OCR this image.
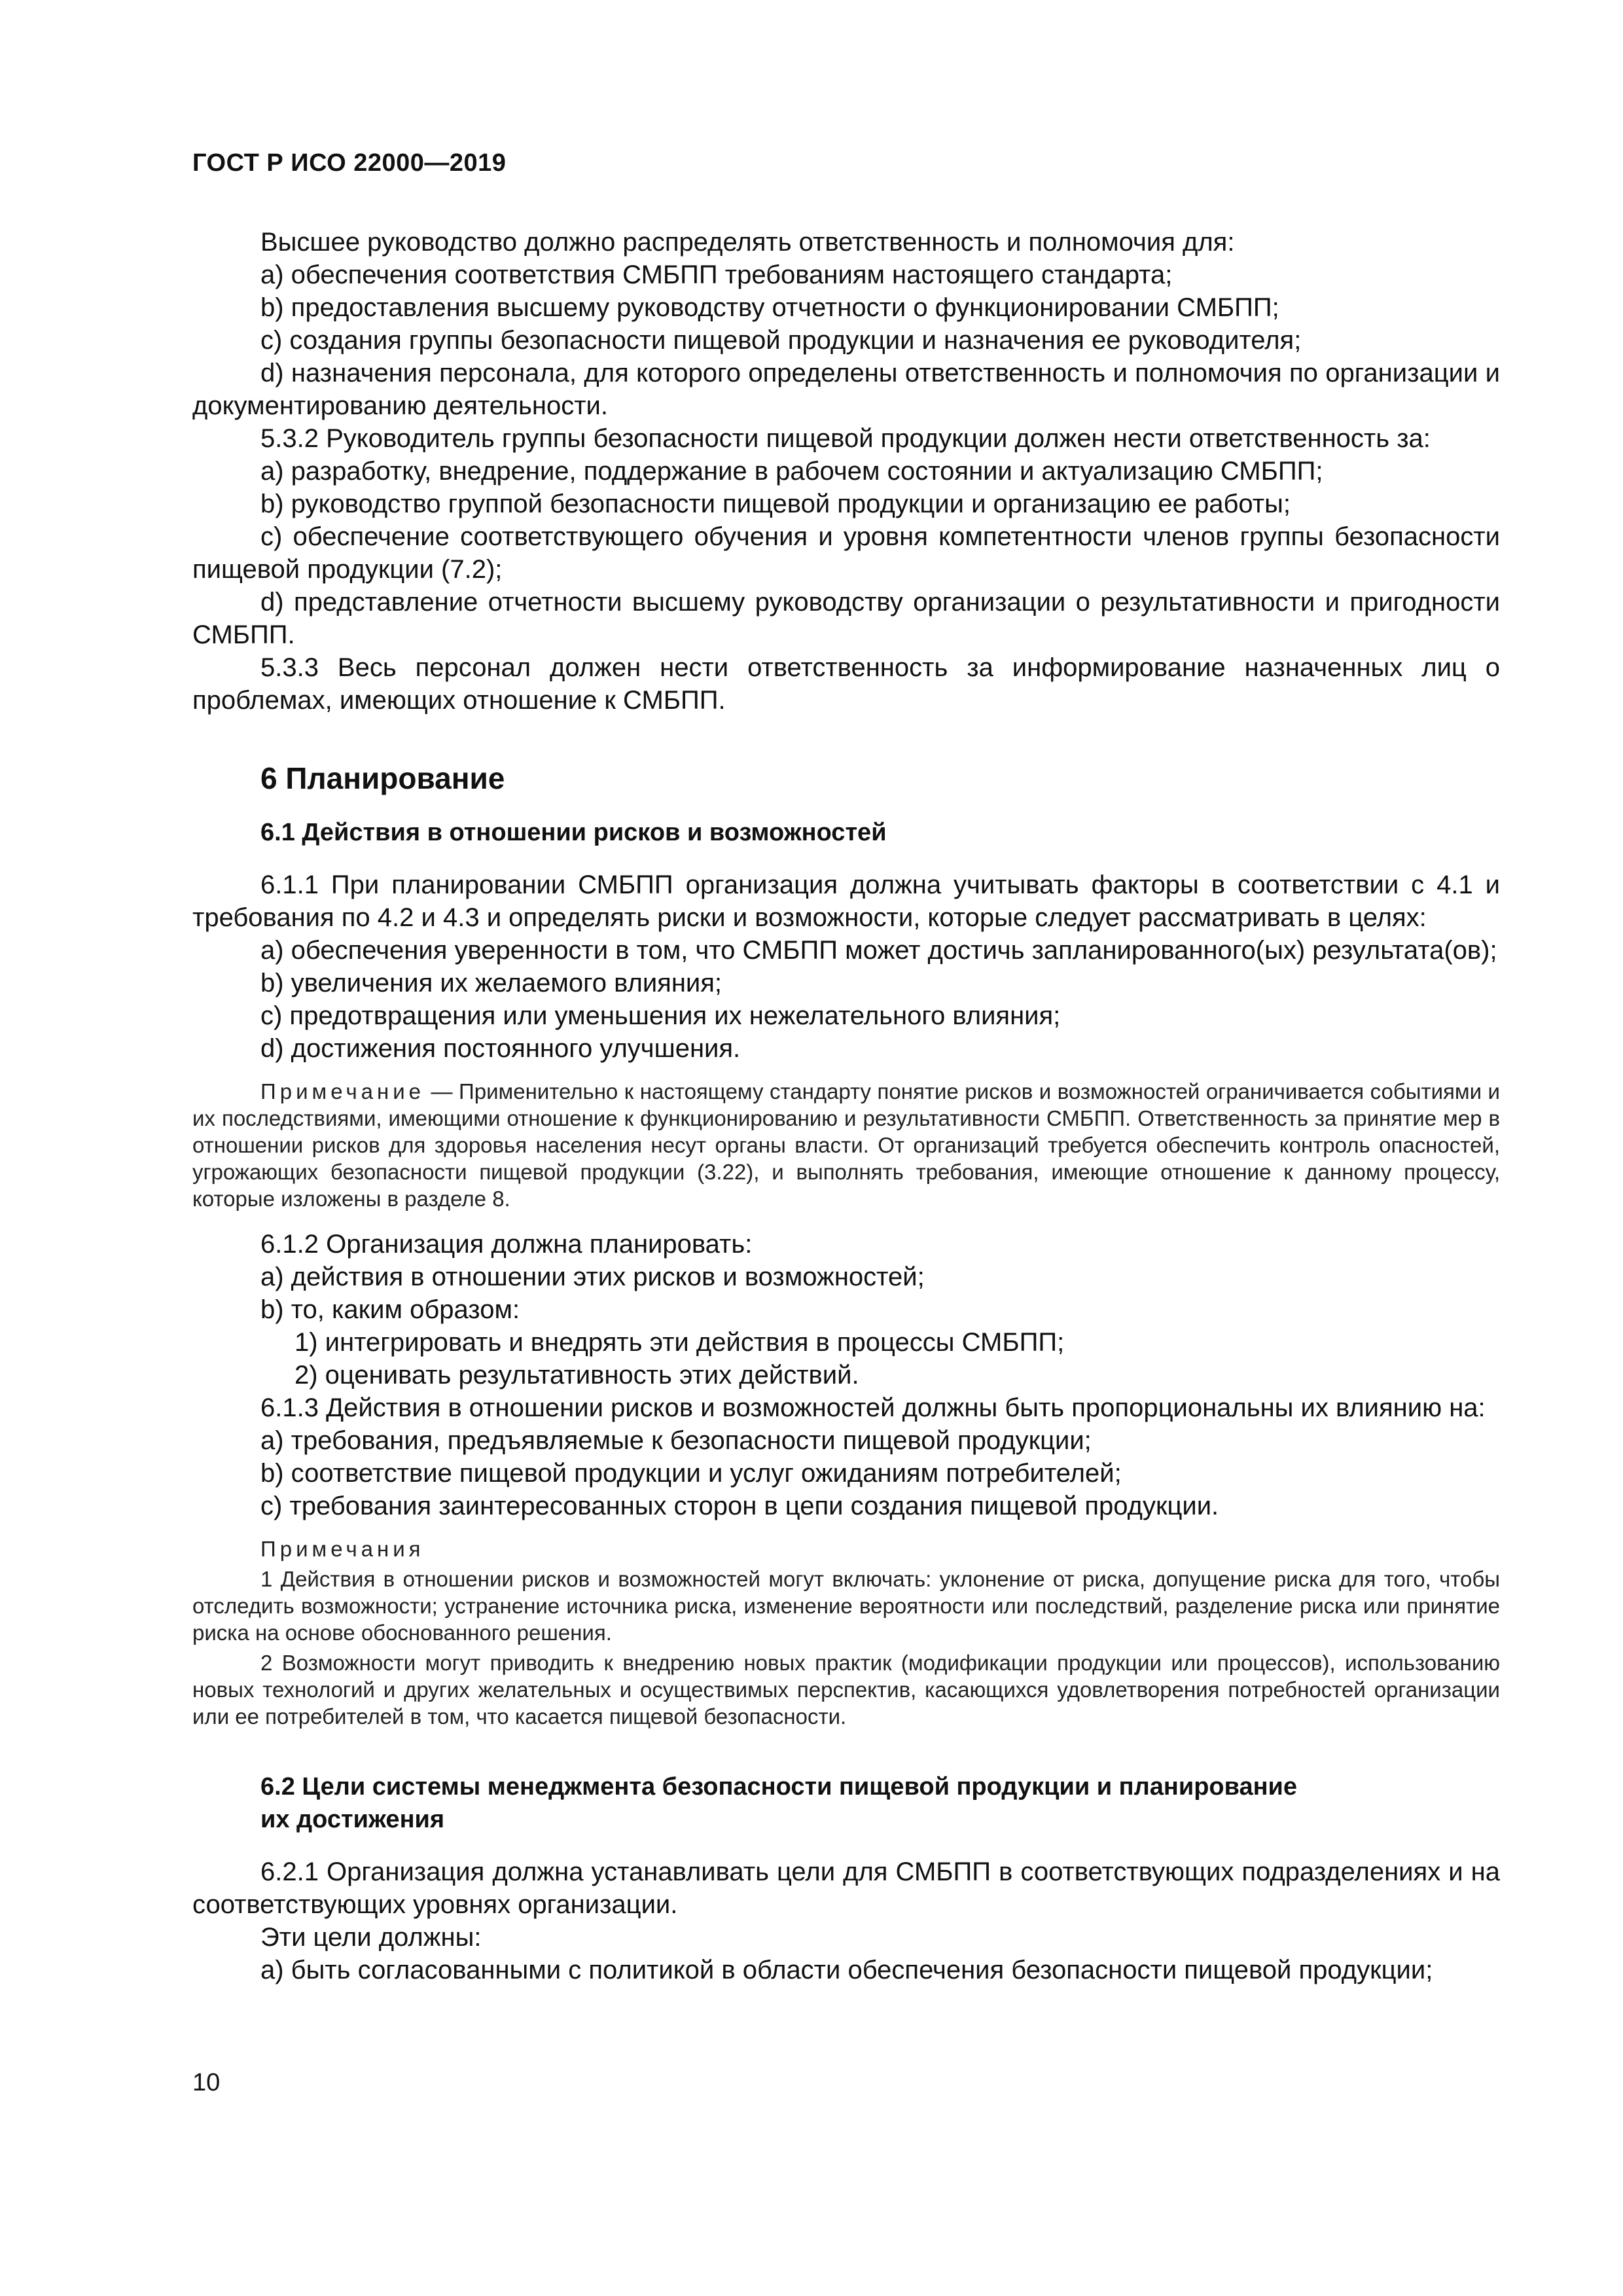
ГОСТ Р ИСО 22000—2019

Высшее руководство должно распределять ответственность и полномочия для:

a) обеспечения соответствия СМБПП требованиям настоящего стандарта;

b) предоставления высшему руководству отчетности о функционировании СМБПП;

c) создания группы безопасности пищевой продукции и назначения ее руководителя;

d) назначения персонала, для которого определены ответственность и полномочия по организации и документированию деятельности.

5.3.2 Руководитель группы безопасности пищевой продукции должен нести ответственность за:

a) разработку, внедрение, поддержание в рабочем состоянии и актуализацию СМБПП;

b) руководство группой безопасности пищевой продукции и организацию ее работы;

c) обеспечение соответствующего обучения и уровня компетентности членов группы безопасности пищевой продукции (7.2);

d) представление отчетности высшему руководству организации о результативности и пригодности СМБПП.

5.3.3 Весь персонал должен нести ответственность за информирование назначенных лиц о проблемах, имеющих отношение к СМБПП.

6 Планирование
6.1 Действия в отношении рисков и возможностей

6.1.1 При планировании СМБПП организация должна учитывать факторы в соответствии с 4.1 и требования по 4.2 и 4.3 и определять риски и возможности, которые следует рассматривать в целях:

a) обеспечения уверенности в том, что СМБПП может достичь запланированного(ых) результата(ов);

b) увеличения их желаемого влияния;

c) предотвращения или уменьшения их нежелательного влияния;

d) достижения постоянного улучшения.

Примечание — Применительно к настоящему стандарту понятие рисков и возможностей ограничивается событиями и их последствиями, имеющими отношение к функционированию и результативности СМБПП. Ответственность за принятие мер в отношении рисков для здоровья населения несут органы власти. От организаций требуется обеспечить контроль опасностей, угрожающих безопасности пищевой продукции (3.22), и выполнять требования, имеющие отношение к данному процессу, которые изложены в разделе 8.

6.1.2 Организация должна планировать:

a) действия в отношении этих рисков и возможностей;

b) то, каким образом:

1) интегрировать и внедрять эти действия в процессы СМБПП;

2) оценивать результативность этих действий.

6.1.3 Действия в отношении рисков и возможностей должны быть пропорциональны их влиянию на:

a) требования, предъявляемые к безопасности пищевой продукции;

b) соответствие пищевой продукции и услуг ожиданиям потребителей;

c) требования заинтересованных сторон в цепи создания пищевой продукции.

Примечания

1 Действия в отношении рисков и возможностей могут включать: уклонение от риска, допущение риска для того, чтобы отследить возможности; устранение источника риска, изменение вероятности или последствий, разделение риска или принятие риска на основе обоснованного решения.

2 Возможности могут приводить к внедрению новых практик (модификации продукции или процессов), использованию новых технологий и других желательных и осуществимых перспектив, касающихся удовлетворения потребностей организации или ее потребителей в том, что касается пищевой безопасности.

6.2 Цели системы менеджмента безопасности пищевой продукции и планирование
их достижения

6.2.1 Организация должна устанавливать цели для СМБПП в соответствующих подразделениях и на соответствующих уровнях организации.

Эти цели должны:

a) быть согласованными с политикой в области обеспечения безопасности пищевой продукции;

10
